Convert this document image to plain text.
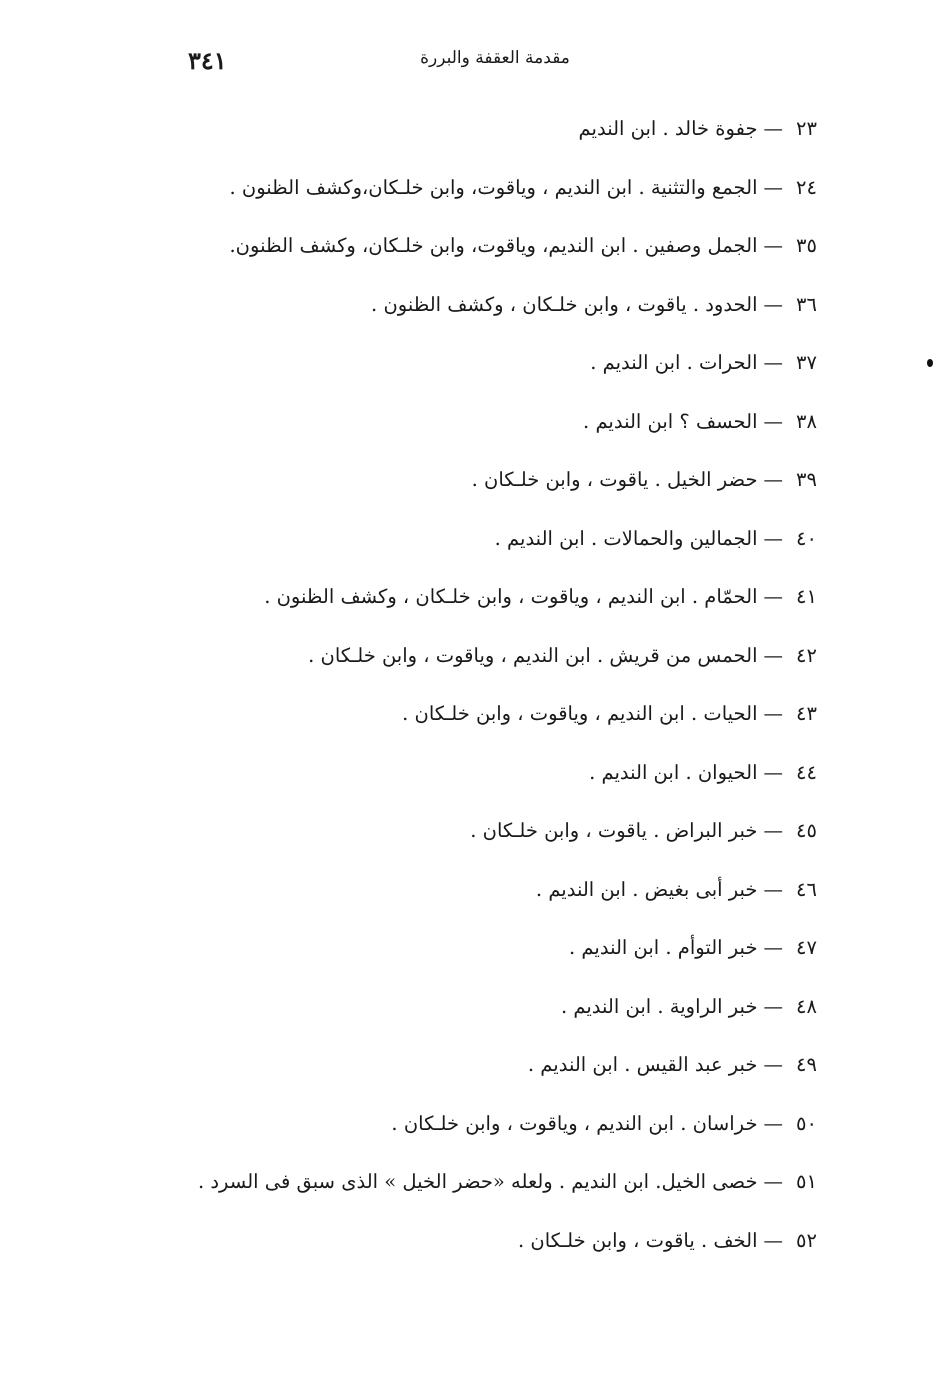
٣٤١	مقدمة العقفة والبررة
٢٣—جفوة خالد . ابن النديم
٢٤—الجمع والتثنية . ابن النديم ، وياقوت، وابن خلـكان،وكشف الظنون .
٣٥—الجمل وصفين . ابن النديم، وياقوت، وابن خلـكان، وكشف الظنون.
٣٦—الحدود . ياقوت ، وابن خلـكان ، وكشف الظنون .
٣٧—الحرات . ابن النديم .
٣٨—الحسف ؟ ابن النديم .
٣٩—حضر الخيل . ياقوت ، وابن خلـكان .
٤٠—الجمالين والحمالات . ابن النديم .
٤١—الحمّام . ابن النديم ، وياقوت ، وابن خلـكان ، وكشف الظنون .
٤٢—الحمس من قريش . ابن النديم ، وياقوت ، وابن خلـكان .
٤٣—الحيات . ابن النديم ، وياقوت ، وابن خلـكان .
٤٤—الحيوان . ابن النديم .
٤٥—خبر البراض . ياقوت ، وابن خلـكان .
٤٦—خبر أبى بغيض . ابن النديم .
٤٧—خبر التوأم . ابن النديم .
٤٨—خبر الراوية . ابن النديم .
٤٩—خبر عبد القيس . ابن النديم .
٥٠—خراسان . ابن النديم ، وياقوت ، وابن خلـكان .
٥١—خصى الخيل. ابن النديم . ولعله «حضر الخيل » الذى سبق فى السرد .
٥٢—الخف . ياقوت ، وابن خلـكان .
